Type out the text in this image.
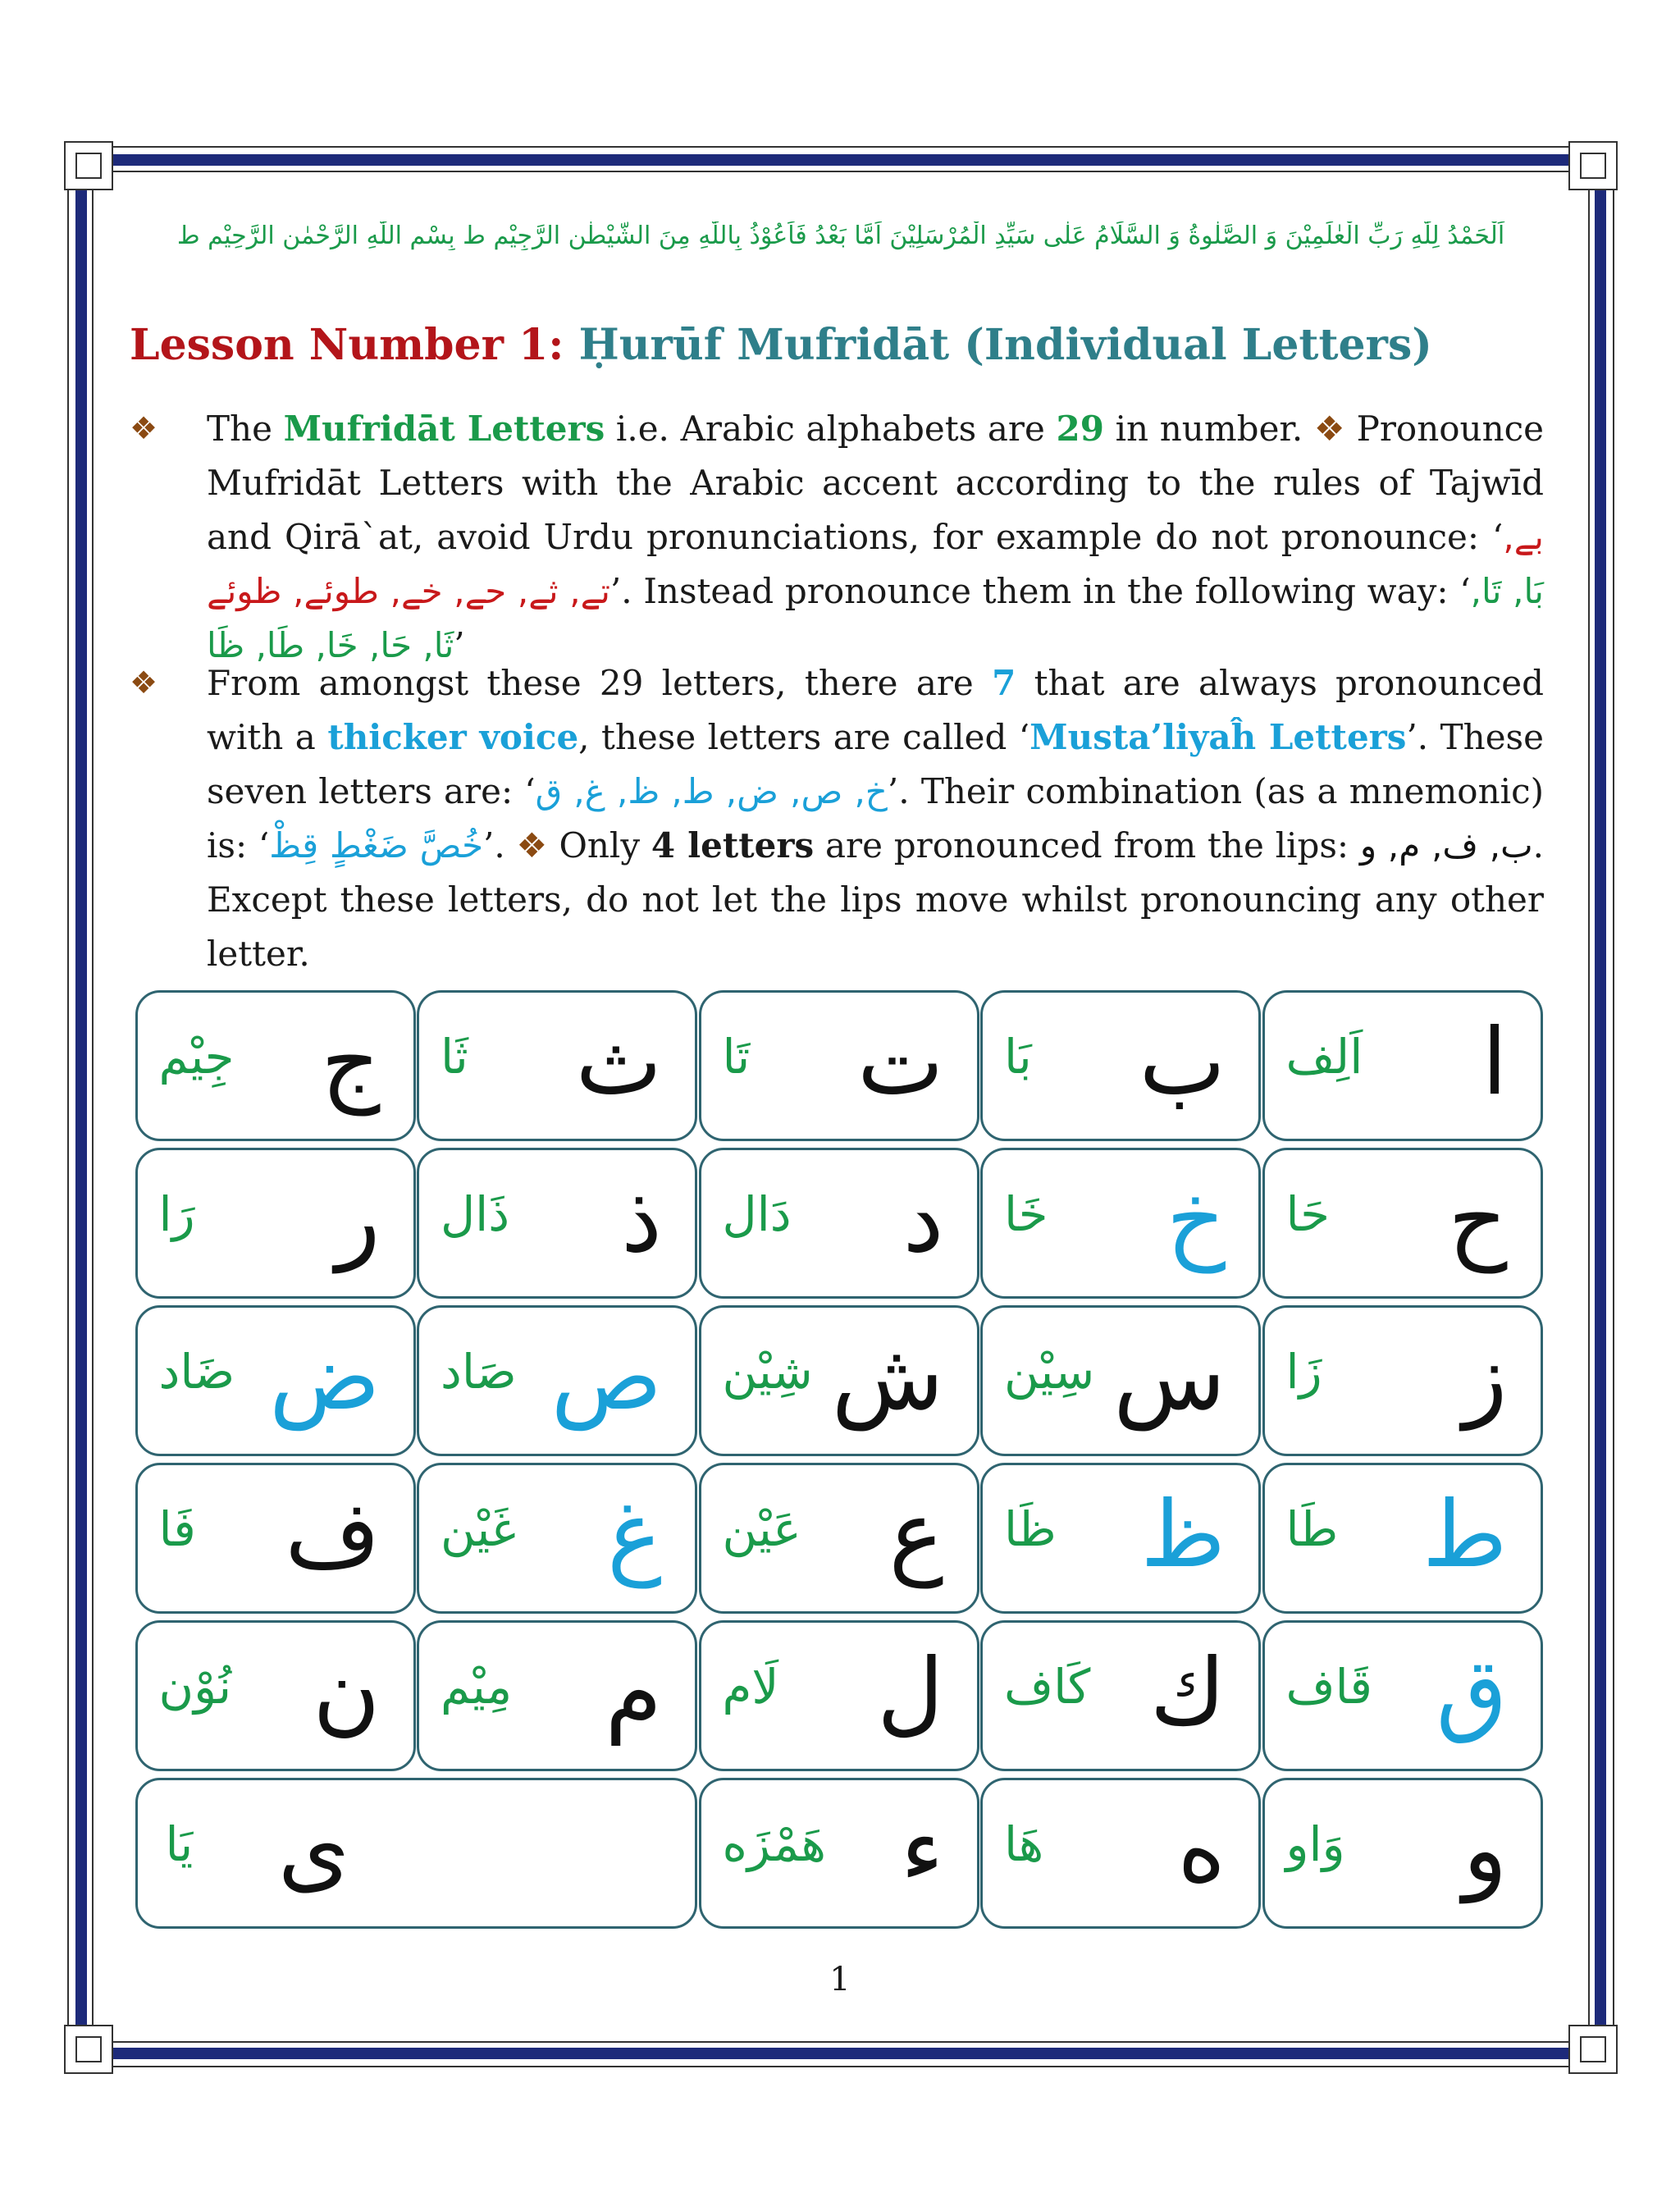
اَلْحَمْدُ لِلّٰهِ رَبِّ الْعٰلَمِيْنَ وَ الصَّلٰوةُ وَ السَّلَامُ عَلٰى سَيِّدِ الْمُرْسَلِيْنَ اَمَّا بَعْدُ فَاَعُوْذُ بِاللّٰهِ مِنَ الشَّيْطٰنِ الرَّجِيْمِ ط بِسْمِ اللّٰهِ الرَّحْمٰنِ الرَّحِيْمِ ط
Lesson Number 1: Ḥurūf Mufridāt (Individual Letters)
❖ The Mufridāt Letters i.e. Arabic alphabets are 29 in number. ❖ Pronounce Mufridāt Letters with the Arabic accent according to the rules of Tajwīd and Qirā`at, avoid Urdu pronunciations, for example do not pronounce: ‘بے, تے, ثے, حے, خے, طوئے, ظوئے’. Instead pronounce them in the following way: ‘بَا, تَا, ثَا, حَا, خَا, طَا, ظَا’
❖ From amongst these 29 letters, there are 7 that are always pronounced with a thicker voice, these letters are called ‘Musta’liyaĥ Letters’. These seven letters are: ‘خ, ص, ض, ط, ظ, غ, ق’. Their combination (as a mnemonic) is: ‘خُصَّ ضَغْطٍ قِظْ’. ❖ Only 4 letters are pronounced from the lips: ب, ف, م, و. Except these letters, do not let the lips move whilst pronouncing any other letter.
ا
اَلِف
ب
بَا
ت
تَا
ث
ثَا
ج
جِيْم
ح
حَا
خ
خَا
د
دَال
ذ
ذَال
ر
رَا
ز
زَا
س
سِيْن
ش
شِيْن
ص
صَاد
ض
ضَاد
ط
طَا
ظ
ظَا
ع
عَيْن
غ
غَيْن
ف
فَا
ق
قَاف
ك
كَاف
ل
لَام
م
مِيْم
ن
نُوْن
و
وَاو
ه
هَا
ء
هَمْزَه
ی
يَا
1
